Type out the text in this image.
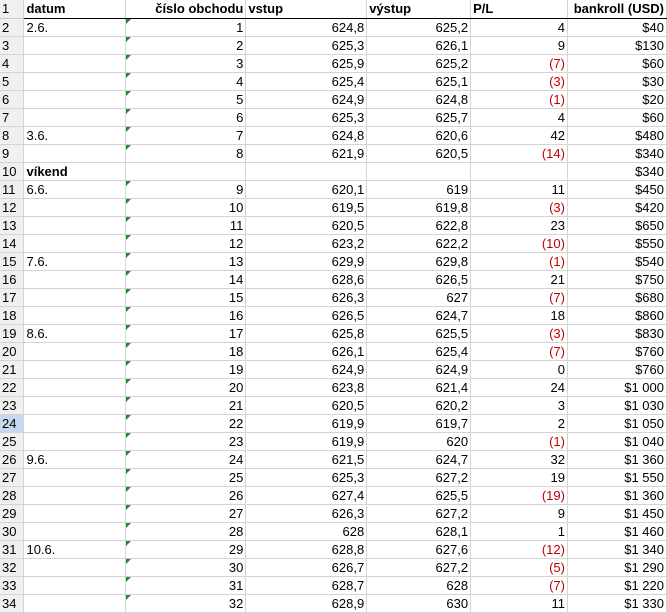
1	datum	číslo obchodu	vstup	výstup	P/L	bankroll (USD)
2	2.6.	1	624,8	625,2	4	$40
3		2	625,3	626,1	9	$130
4		3	625,9	625,2	(7)	$60
5		4	625,4	625,1	(3)	$30
6		5	624,9	624,8	(1)	$20
7		6	625,3	625,7	4	$60
8	3.6.	7	624,8	620,6	42	$480
9		8	621,9	620,5	(14)	$340
10	víkend					$340
11	6.6.	9	620,1	619	11	$450
12		10	619,5	619,8	(3)	$420
13		11	620,5	622,8	23	$650
14		12	623,2	622,2	(10)	$550
15	7.6.	13	629,9	629,8	(1)	$540
16		14	628,6	626,5	21	$750
17		15	626,3	627	(7)	$680
18		16	626,5	624,7	18	$860
19	8.6.	17	625,8	625,5	(3)	$830
20		18	626,1	625,4	(7)	$760
21		19	624,9	624,9	0	$760
22		20	623,8	621,4	24	$1 000
23		21	620,5	620,2	3	$1 030
24		22	619,9	619,7	2	$1 050
25		23	619,9	620	(1)	$1 040
26	9.6.	24	621,5	624,7	32	$1 360
27		25	625,3	627,2	19	$1 550
28		26	627,4	625,5	(19)	$1 360
29		27	626,3	627,2	9	$1 450
30		28	628	628,1	1	$1 460
31	10.6.	29	628,8	627,6	(12)	$1 340
32		30	626,7	627,2	(5)	$1 290
33		31	628,7	628	(7)	$1 220
34		32	628,9	630	11	$1 330
